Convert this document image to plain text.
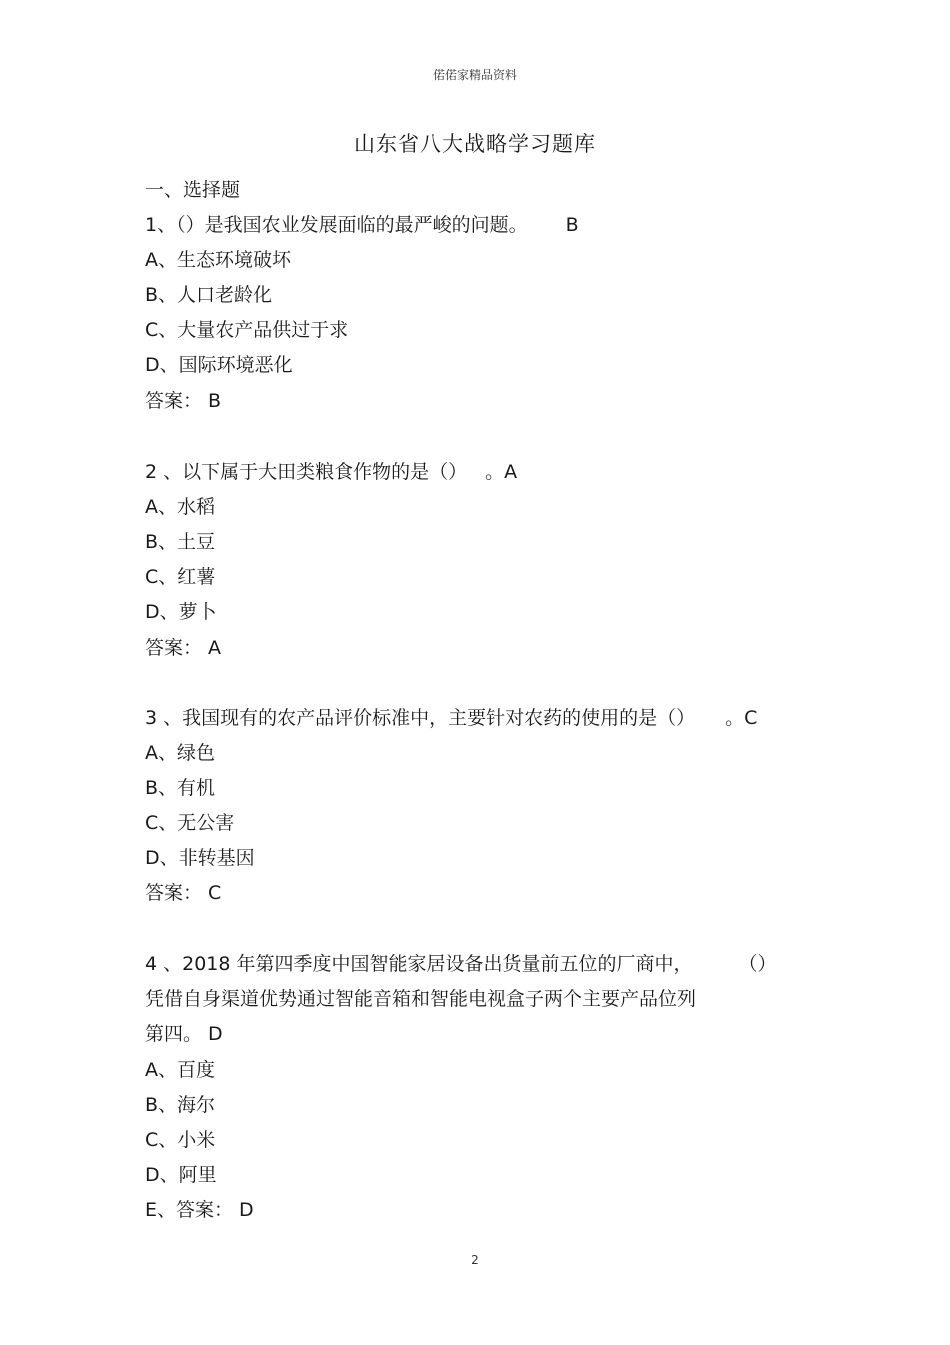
偌偌家精品资料
山东省八大战略学习题库
一、选择题
1、（）是我国农业发展面临的最严峻的问题。 B
A、生态环境破坏
B、人口老龄化
C、大量农产品供过于求
D、国际环境恶化
答案： B
2 、以下属于大田类粮食作物的是（） 。A
A、水稻
B、土豆
C、红薯
D、萝卜
答案： A
3 、我国现有的农产品评价标准中，主要针对农药的使用的是（） 。C
A、绿色
B、有机
C、无公害
D、非转基因
答案： C
4 、2018 年第四季度中国智能家居设备出货量前五位的厂商中， （）
凭借自身渠道优势通过智能音箱和智能电视盒子两个主要产品位列
第四。 D
A、百度
B、海尔
C、小米
D、阿里
E、答案： D
2
